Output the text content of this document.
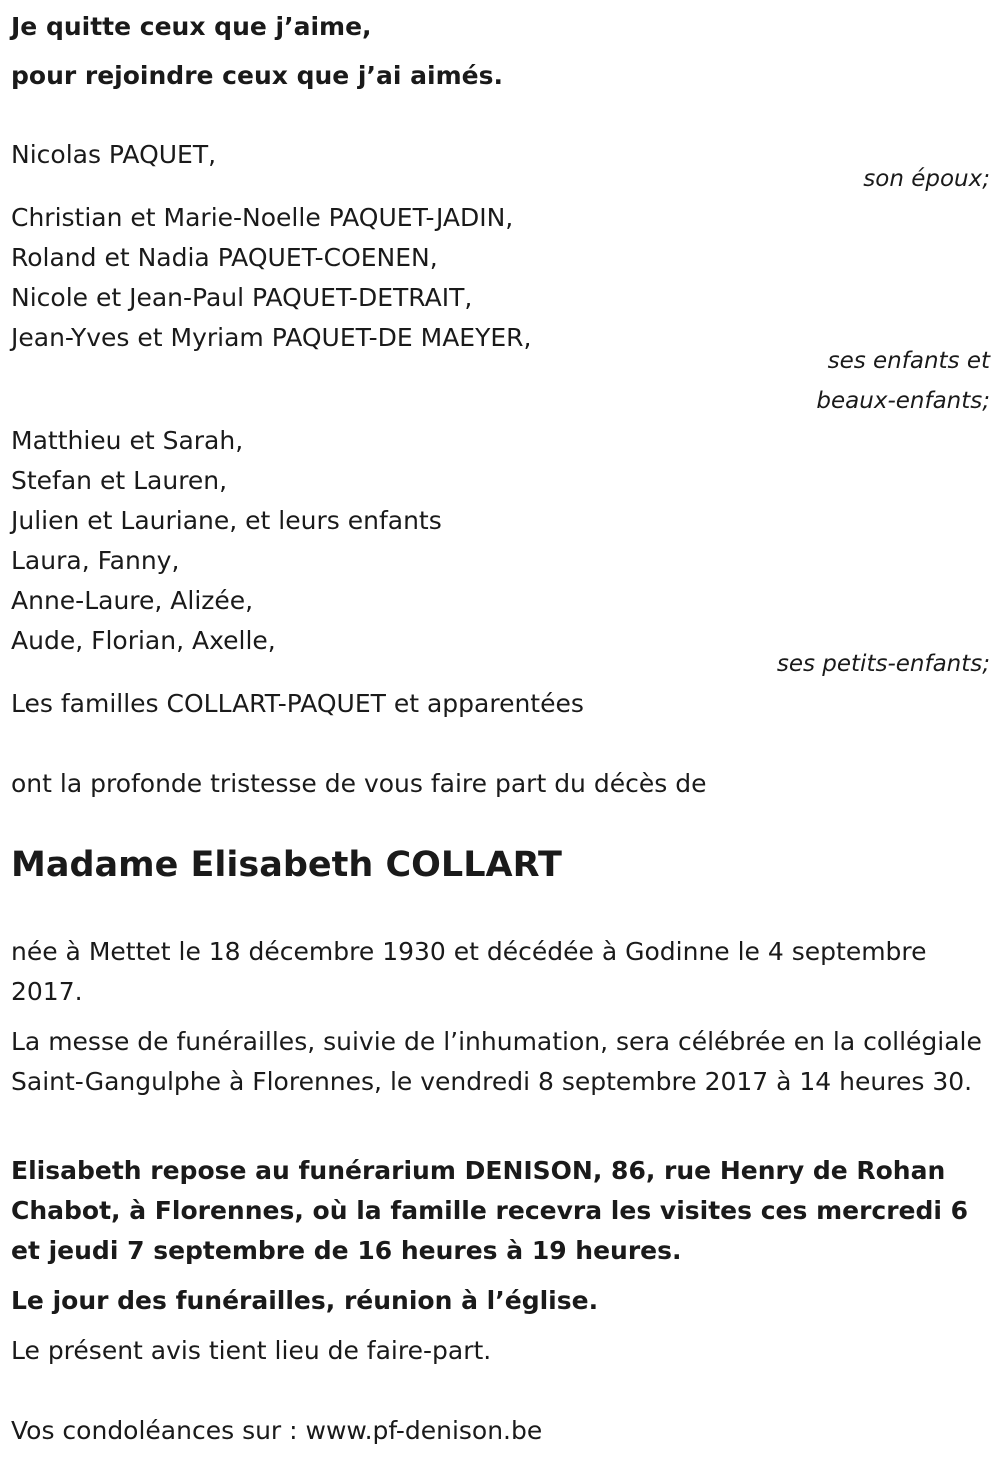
Je quitte ceux que j’aime,

pour rejoindre ceux que j’ai aimés.

Nicolas PAQUET,

son époux;

Christian et Marie-Noelle PAQUET-JADIN,

Roland et Nadia PAQUET-COENEN,

Nicole et Jean-Paul PAQUET-DETRAIT,

Jean-Yves et Myriam PAQUET-DE MAEYER,

ses enfants et

beaux-enfants;

Matthieu et Sarah,

Stefan et Lauren,

Julien et Lauriane, et leurs enfants

Laura, Fanny,

Anne-Laure, Alizée,

Aude, Florian, Axelle,

ses petits-enfants;

Les familles COLLART-PAQUET et apparentées

ont la profonde tristesse de vous faire part du décès de

Madame Elisabeth COLLART

née à Mettet le 18 décembre 1930 et décédée à Godinne le 4 septembre 2017.

La messe de funérailles, suivie de l’inhumation, sera célébrée en la collégiale Saint-Gangulphe à Florennes, le vendredi 8 septembre 2017 à 14 heures 30.

Elisabeth repose au funérarium DENISON, 86, rue Henry de Rohan Chabot, à Florennes, où la famille recevra les visites ces mercredi 6 et jeudi 7 septembre de 16 heures à 19 heures.

Le jour des funérailles, réunion à l’église.

Le présent avis tient lieu de faire-part.

Vos condoléances sur : www.pf-denison.be
